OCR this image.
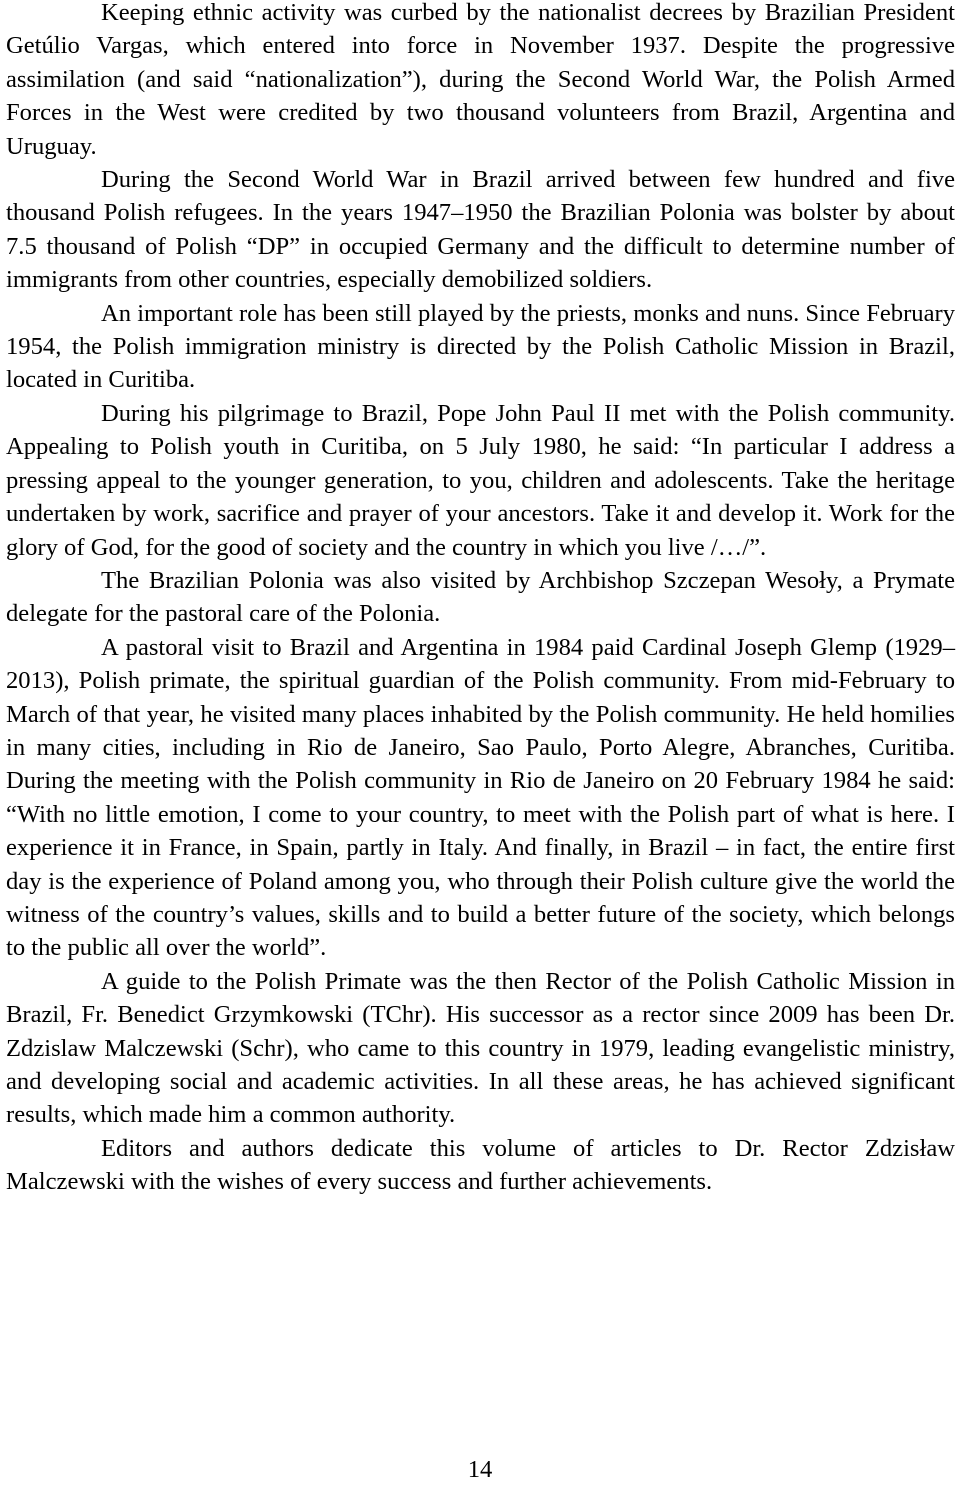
Keeping ethnic activity was curbed by the nationalist decrees by Brazilian President Getúlio Vargas, which entered into force in November 1937. Despite the progressive assimilation (and said “nationalization”), during the Second World War, the Polish Armed Forces in the West were credited by two thousand volunteers from Brazil, Argentina and Uruguay.

During the Second World War in Brazil arrived between few hundred and five thousand Polish refugees. In the years 1947–1950 the Brazilian Polonia was bolster by about 7.5 thousand of Polish “DP” in occupied Germany and the difficult to determine number of immigrants from other countries, especially demobilized soldiers.

An important role has been still played by the priests, monks and nuns. Since February 1954, the Polish immigration ministry is directed by the Polish Catholic Mission in Brazil, located in Curitiba.

During his pilgrimage to Brazil, Pope John Paul II met with the Polish community. Appealing to Polish youth in Curitiba, on 5 July 1980, he said: “In particular I address a pressing appeal to the younger generation, to you, children and adolescents. Take the heritage undertaken by work, sacrifice and prayer of your ancestors. Take it and develop it. Work for the glory of God, for the good of society and the country in which you live /…/”.

The Brazilian Polonia was also visited by Archbishop Szczepan Wesoły, a Prymate delegate for the pastoral care of the Polonia.

A pastoral visit to Brazil and Argentina in 1984 paid Cardinal Joseph Glemp (1929–2013), Polish primate, the spiritual guardian of the Polish community. From mid-February to March of that year, he visited many places inhabited by the Polish community. He held homilies in many cities, including in Rio de Janeiro, Sao Paulo, Porto Alegre, Abranches, Curitiba. During the meeting with the Polish community in Rio de Janeiro on 20 February 1984 he said: “With no little emotion, I come to your country, to meet with the Polish part of what is here. I experience it in France, in Spain, partly in Italy. And finally, in Brazil – in fact, the entire first day is the experience of Poland among you, who through their Polish culture give the world the witness of the country’s values, skills and to build a better future of the society, which belongs to the public all over the world”.

A guide to the Polish Primate was the then Rector of the Polish Catholic Mission in Brazil, Fr. Benedict Grzymkowski (TChr). His successor as a rector since 2009 has been Dr. Zdzislaw Malczewski (Schr), who came to this country in 1979, leading evangelistic ministry, and developing social and academic activities. In all these areas, he has achieved significant results, which made him a common authority.

Editors and authors dedicate this volume of articles to Dr. Rector Zdzisław Malczewski with the wishes of every success and further achievements.

14
